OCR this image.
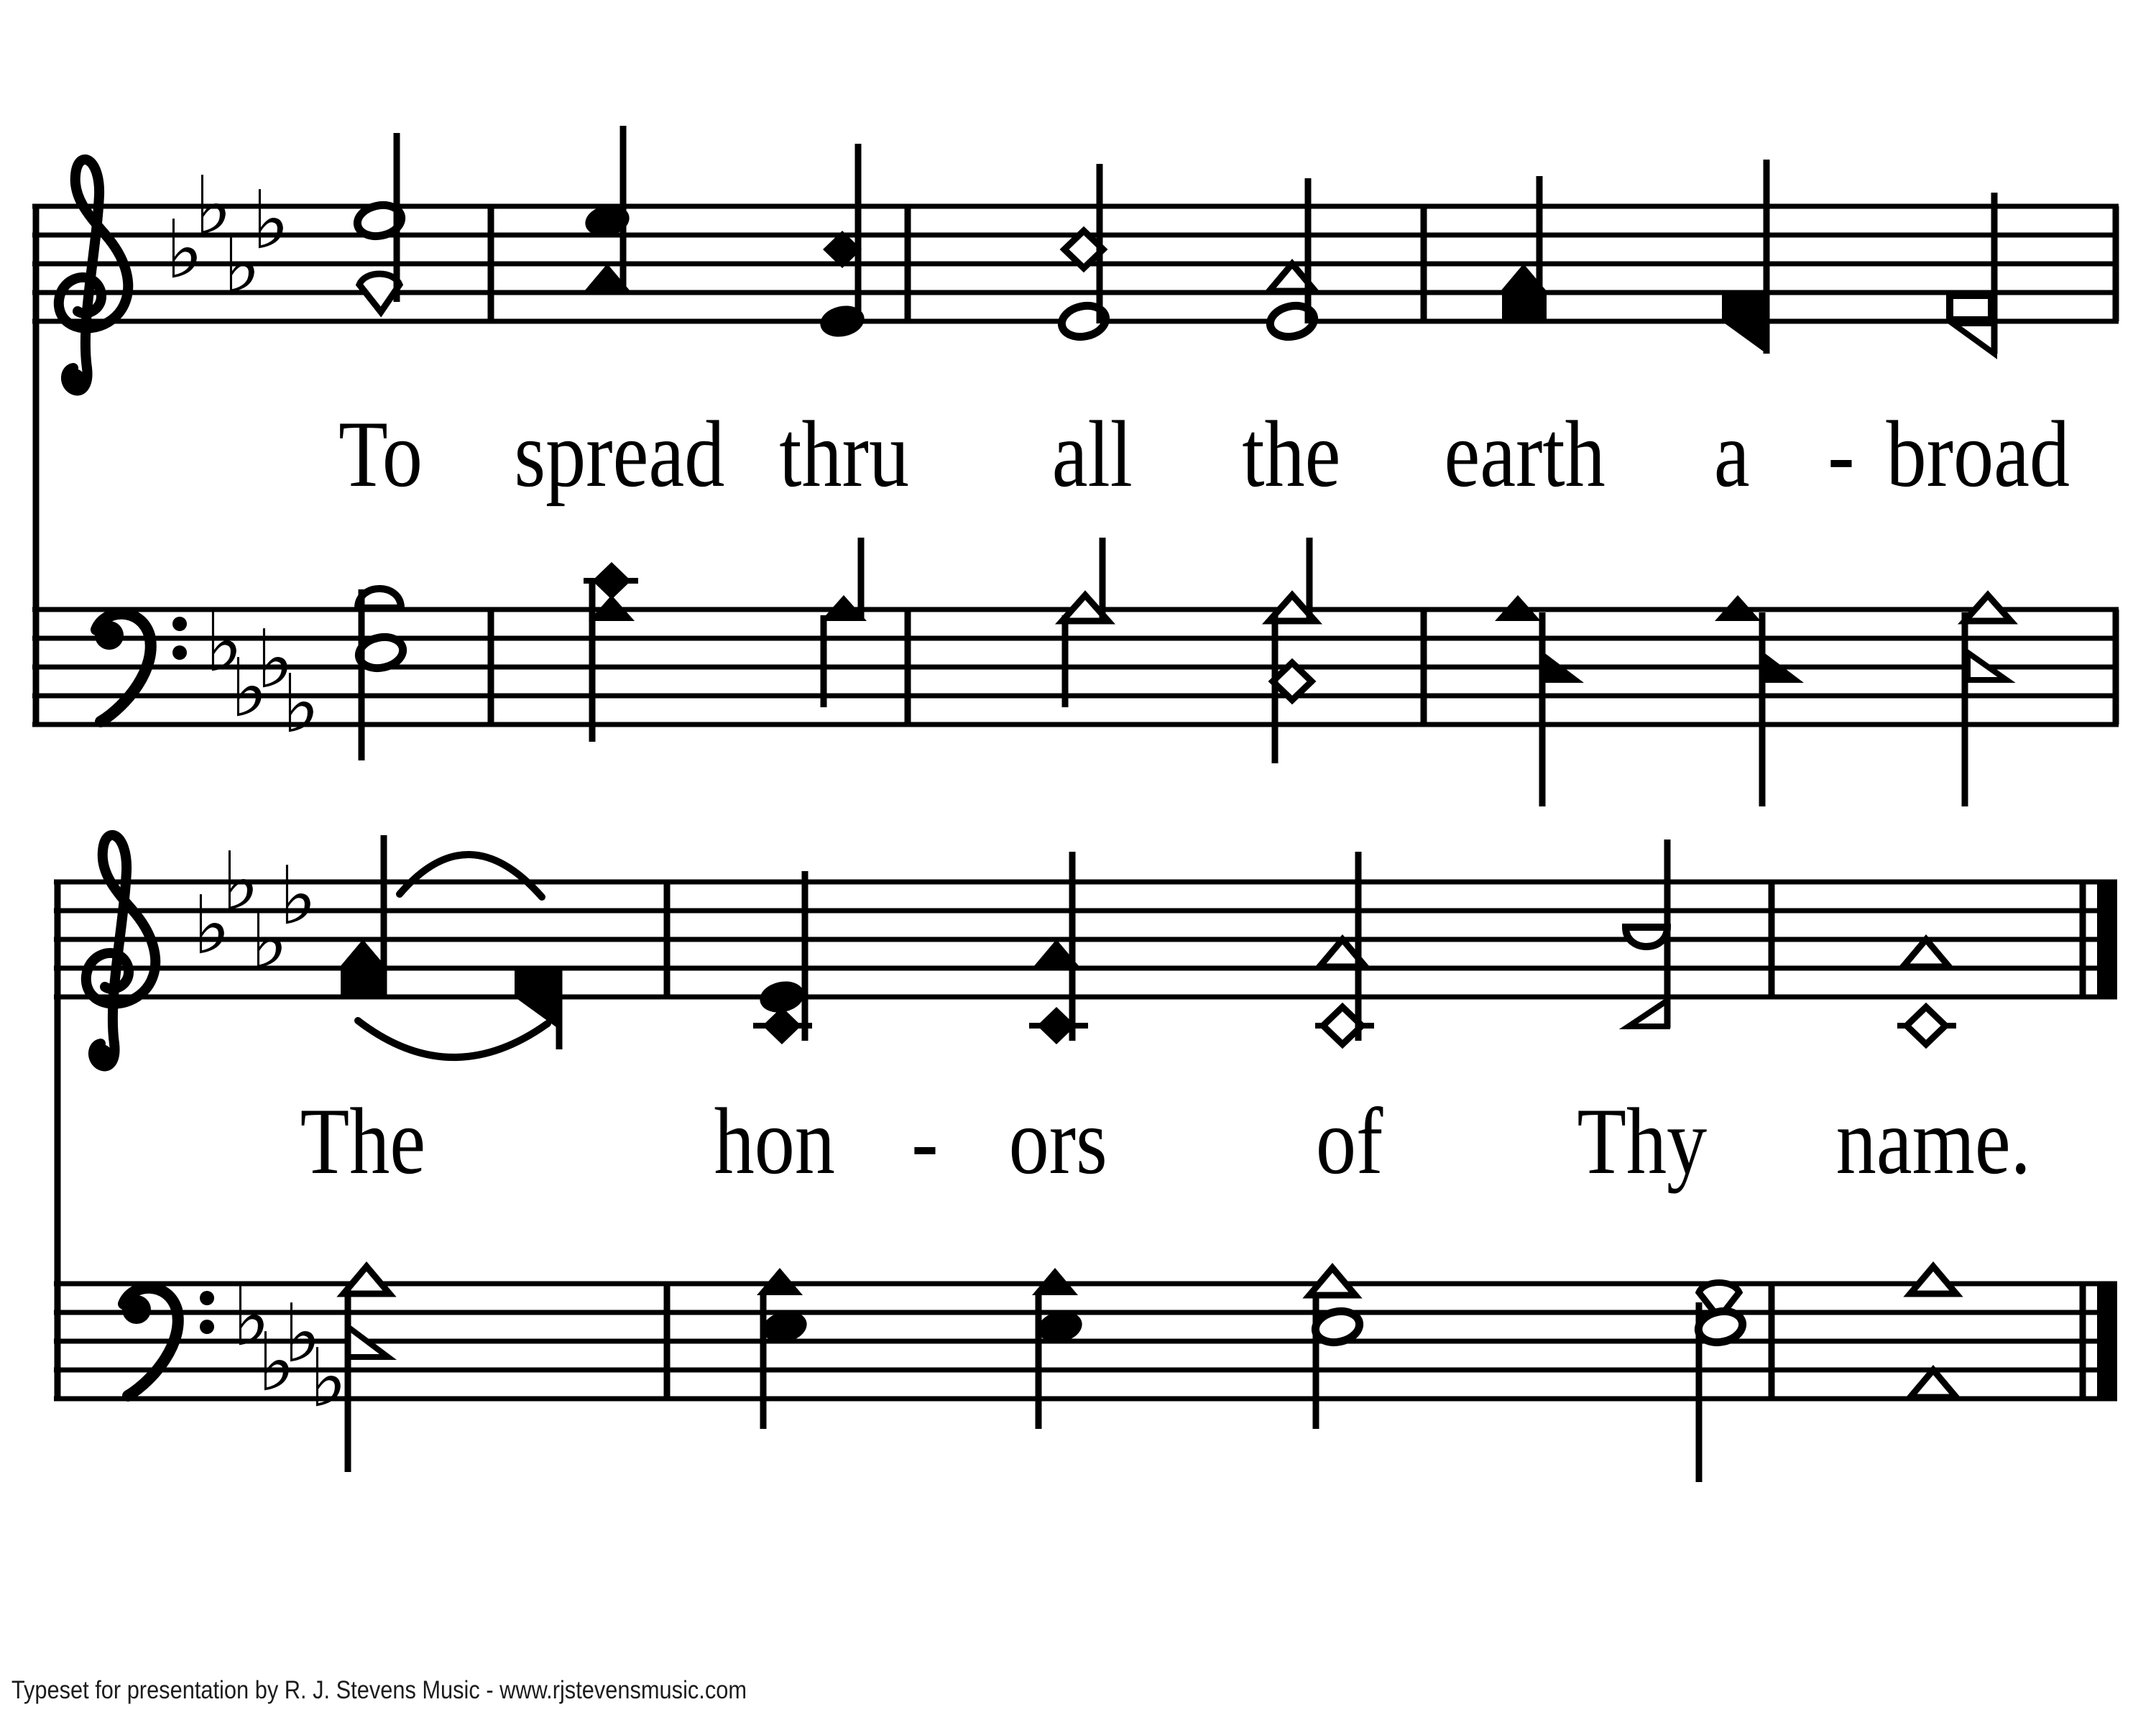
♭
♭
♭
♭
♭
♭
♭
♭
To spread thru all the earth a - broad
♭
♭
♭
♭
♭
♭
♭
♭
The	hon - ors of Thy name.
Typeset for presentation by R. J. Stevens Music - www.rjstevensmusic.com
